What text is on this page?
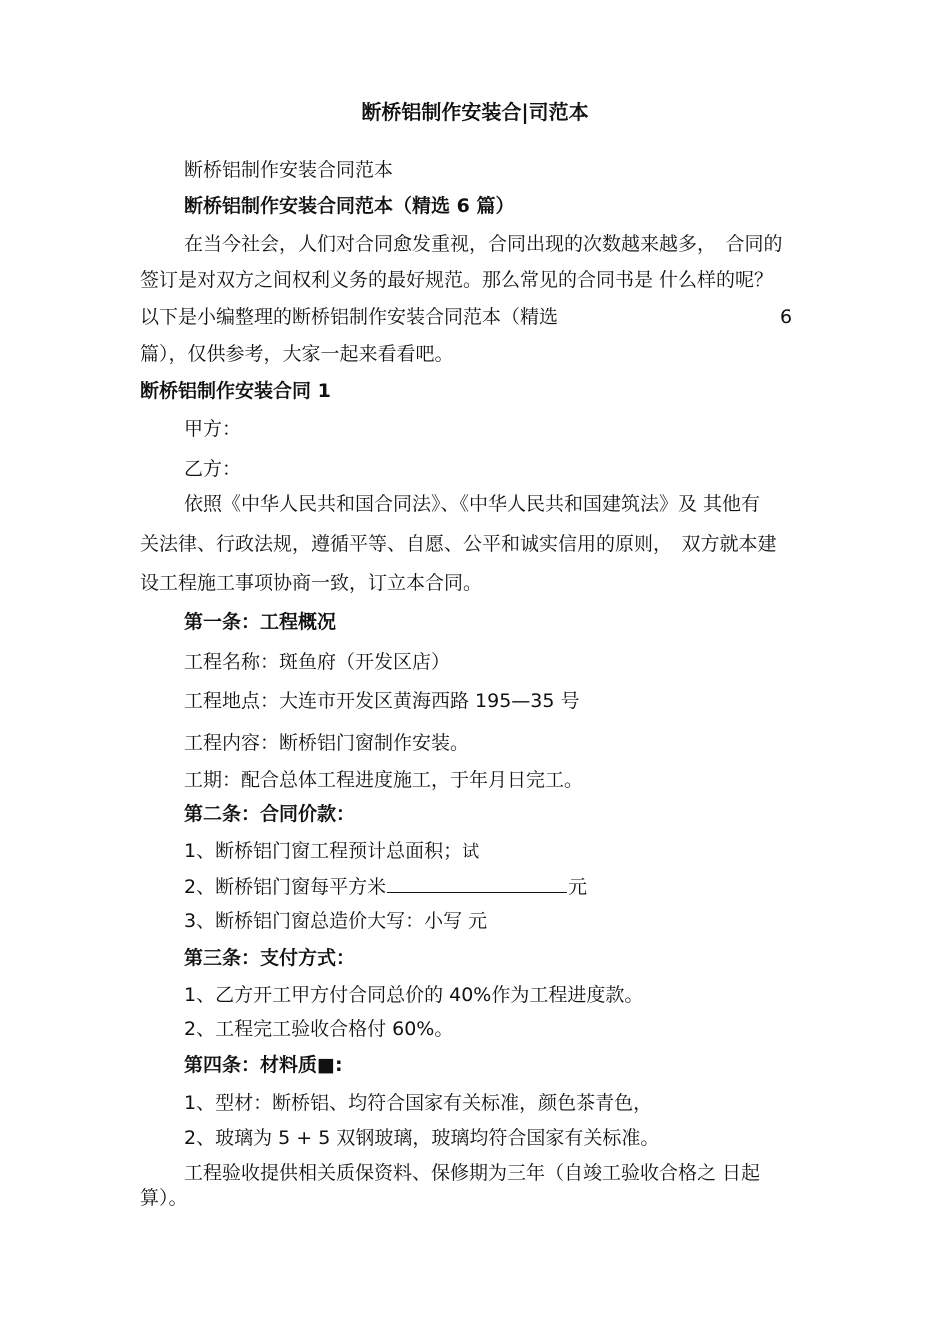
断桥铝制作安装合|司范本
断桥铝制作安装合同范本
断桥铝制作安装合同范本（精选 6 篇）
在当今社会，人们对合同愈发重视，合同出现的次数越来越多，　合同的
签订是对双方之间权利义务的最好规范。那么常见的合同书是 什么样的呢？
以下是小编整理的断桥铝制作安装合同范本（精选	6
篇），仅供参考，大家一起来看看吧。
断桥铝制作安装合同 1
甲方：
乙方：
依照《中华人民共和国合同法》、《中华人民共和国建筑法》及 其他有
关法律、行政法规，遵循平等、自愿、公平和诚实信用的原则，　双方就本建
设工程施工事项协商一致，订立本合同。
第一条：工程概况
工程名称：斑鱼府（开发区店）
工程地点：大连市开发区黄海西路 195—35 号
工程内容：断桥铝门窗制作安装。
工期：配合总体工程进度施工，于年月日完工。
第二条：合同价款：
1、断桥铝门窗工程预计总面积；试
2、断桥铝门窗每平方米	元
3、断桥铝门窗总造价大写：小写 元
第三条：支付方式：
1、乙方开工甲方付合同总价的 40%作为工程进度款。
2、工程完工验收合格付 60%。
第四条：材料质■:
1、型材：断桥铝、均符合国家有关标准，颜色茶青色，
2、玻璃为 5 + 5 双钢玻璃，玻璃均符合国家有关标准。
工程验收提供相关质保资料、保修期为三年（自竣工验收合格之 日起
算）。
